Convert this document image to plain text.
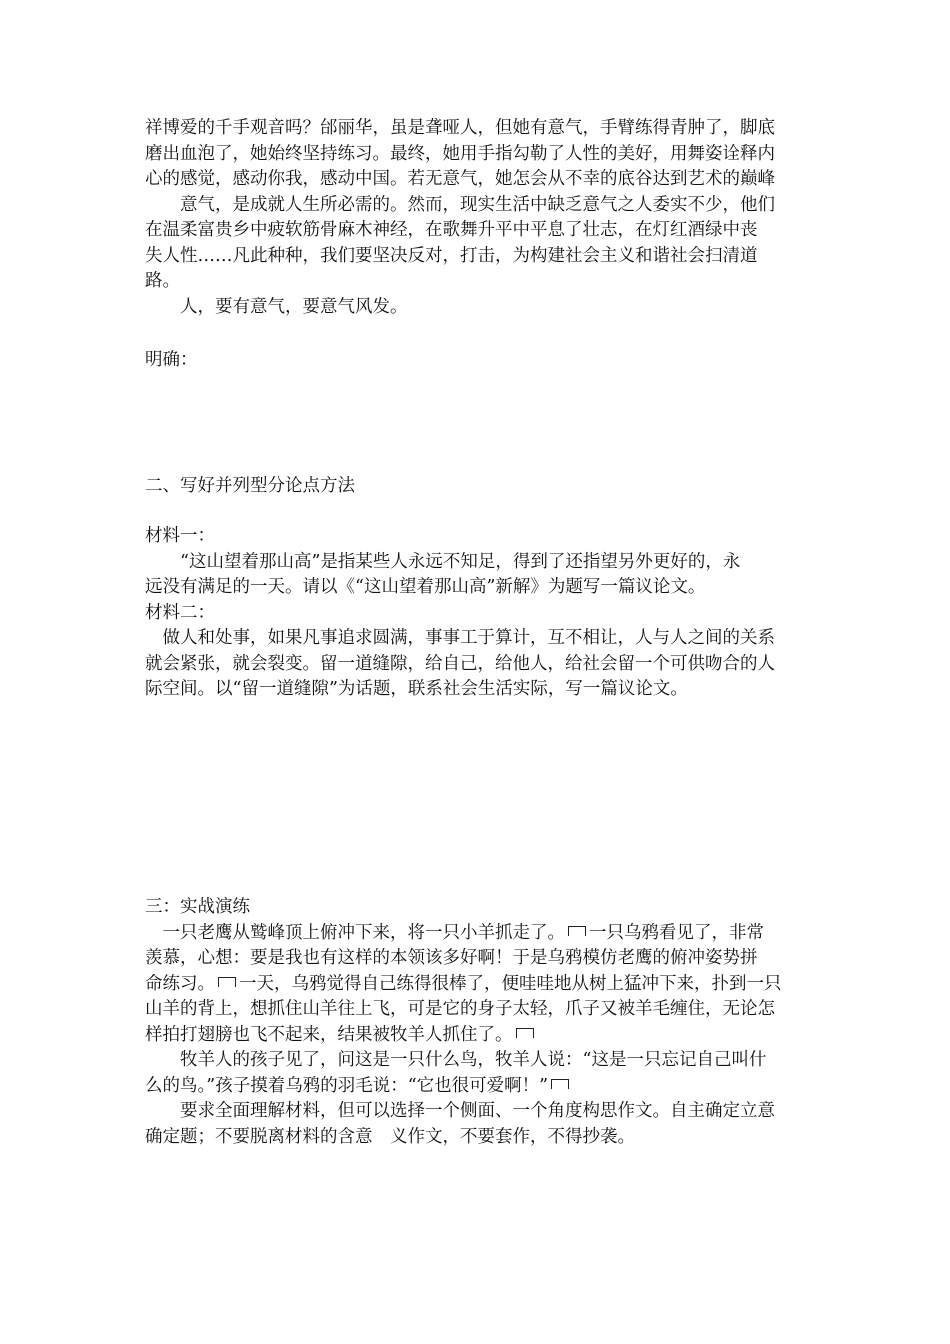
祥博爱的千手观音吗？邰丽华，虽是聋哑人，但她有意气，手臂练得青肿了，脚底
磨出血泡了，她始终坚持练习。最终，她用手指勾勒了人性的美好，用舞姿诠释内
心的感觉，感动你我，感动中国。若无意气，她怎会从不幸的底谷达到艺术的巅峰
　　意气，是成就人生所必需的。然而，现实生活中缺乏意气之人委实不少，他们
在温柔富贵乡中疲软筋骨麻木神经，在歌舞升平中平息了壮志，在灯红酒绿中丧
失人性……凡此种种，我们要坚决反对，打击，为构建社会主义和谐社会扫清道
路。
　　人，要有意气，要意气风发。
明确：
二、写好并列型分论点方法
材料一：
　　“这山望着那山高”是指某些人永远不知足，得到了还指望另外更好的，永
远没有满足的一天。请以《“这山望着那山高”新解》为题写一篇议论文。
材料二：
　做人和处事，如果凡事追求圆满，事事工于算计，互不相让，人与人之间的关系
就会紧张，就会裂变。留一道缝隙，给自己，给他人，给社会留一个可供吻合的人
际空间。以“留一道缝隙”为话题，联系社会生活实际，写一篇议论文。
三：实战演练
　一只老鹰从鹫峰顶上俯冲下来，将一只小羊抓走了。 一只乌鸦看见了，非常
羡慕，心想：要是我也有这样的本领该多好啊！于是乌鸦模仿老鹰的俯冲姿势拼
命练习。 一天，乌鸦觉得自己练得很棒了，便哇哇地从树上猛冲下来，扑到一只
山羊的背上，想抓住山羊往上飞，可是它的身子太轻，爪子又被羊毛缠住，无论怎
样拍打翅膀也飞不起来，结果被牧羊人抓住了。
　　牧羊人的孩子见了，问这是一只什么鸟，牧羊人说：“这是一只忘记自己叫什
么的鸟。”孩子摸着乌鸦的羽毛说：“它也很可爱啊！”
　　要求全面理解材料，但可以选择一个侧面、一个角度构思作文。自主确定立意
确定题；不要脱离材料的含意　义作文，不要套作，不得抄袭。
